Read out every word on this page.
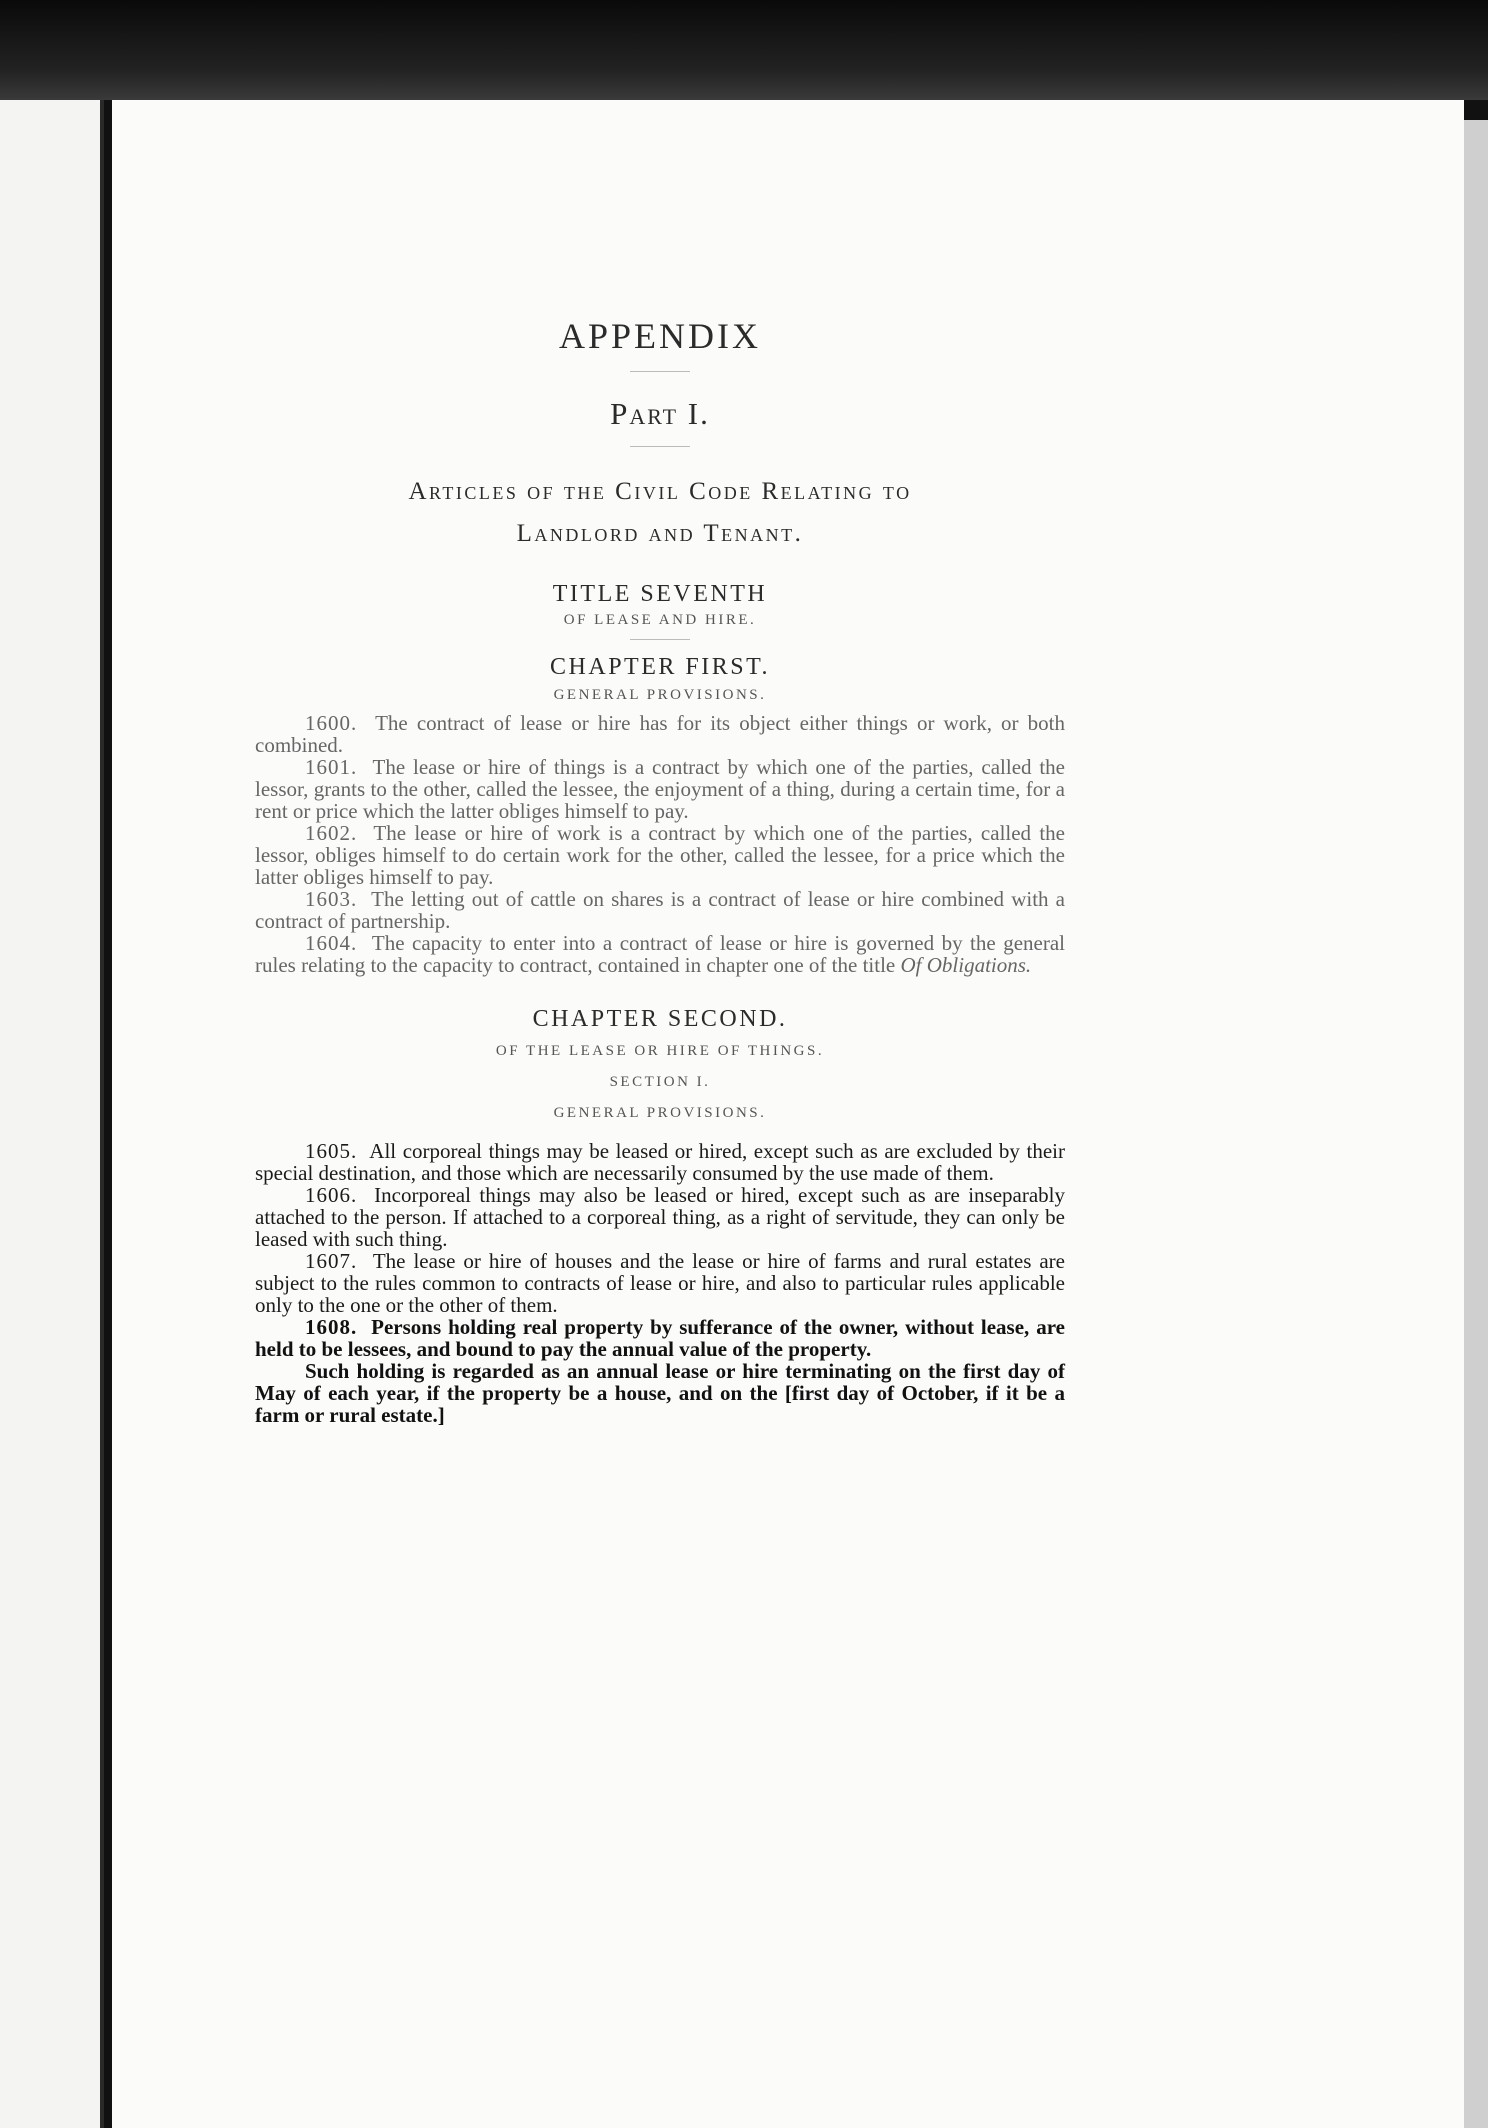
APPENDIX

Part I.

Articles of the Civil Code Relating to

Landlord and Tenant.

TITLE SEVENTH

OF LEASE AND HIRE.

CHAPTER FIRST.

GENERAL PROVISIONS.

1600. The contract of lease or hire has for its object either things or work, or both combined.

1601. The lease or hire of things is a contract by which one of the parties, called the lessor, grants to the other, called the lessee, the enjoyment of a thing, during a certain time, for a rent or price which the latter obliges himself to pay.

1602. The lease or hire of work is a contract by which one of the parties, called the lessor, obliges himself to do certain work for the other, called the lessee, for a price which the latter obliges himself to pay.

1603. The letting out of cattle on shares is a contract of lease or hire combined with a contract of partnership.

1604. The capacity to enter into a contract of lease or hire is governed by the general rules relating to the capacity to contract, contained in chapter one of the title Of Obligations.

CHAPTER SECOND.

OF THE LEASE OR HIRE OF THINGS.

SECTION I.

GENERAL PROVISIONS.

1605. All corporeal things may be leased or hired, except such as are excluded by their special destination, and those which are necessarily consumed by the use made of them.

1606. Incorporeal things may also be leased or hired, except such as are inseparably attached to the person. If attached to a corporeal thing, as a right of servitude, they can only be leased with such thing.

1607. The lease or hire of houses and the lease or hire of farms and rural estates are subject to the rules common to contracts of lease or hire, and also to particular rules applicable only to the one or the other of them.

1608. Persons holding real property by sufferance of the owner, without lease, are held to be lessees, and bound to pay the annual value of the property.

Such holding is regarded as an annual lease or hire terminating on the first day of May of each year, if the property be a house, and on the [first day of October, if it be a farm or rural estate.]
